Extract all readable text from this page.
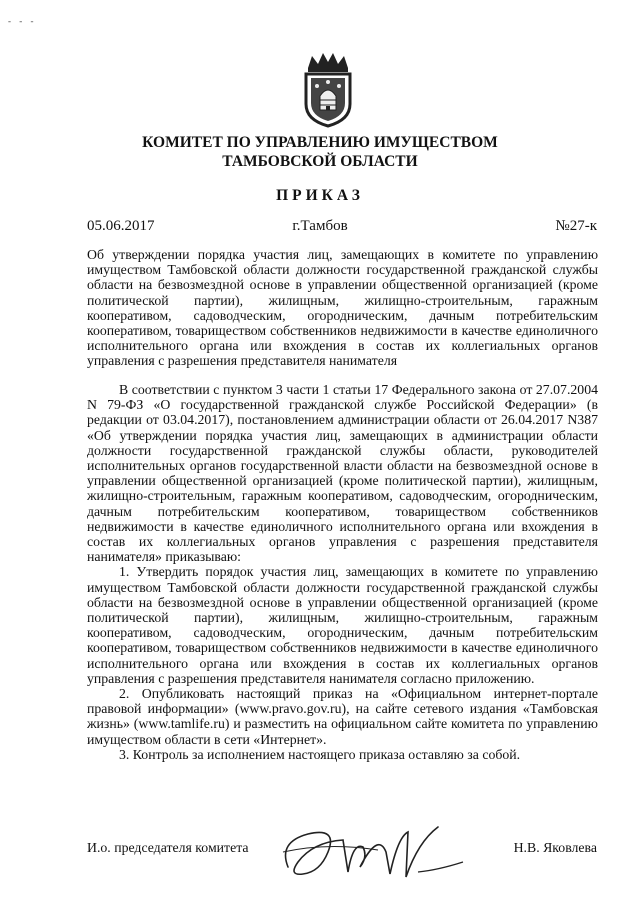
- - -
КОМИТЕТ ПО УПРАВЛЕНИЮ ИМУЩЕСТВОМ
ТАМБОВСКОЙ ОБЛАСТИ
ПРИКАЗ
05.06.2017	г.Тамбов	№27-к
Об утверждении порядка участия лиц, замещающих в комитете по управлению имуществом Тамбовской области должности государственной гражданской службы области на безвозмездной основе в управлении общественной организацией (кроме политической партии), жилищным, жилищно-строительным, гаражным кооперативом, садоводческим, огородническим, дачным потребительским кооперативом, товариществом собственников недвижимости в качестве единоличного исполнительного органа или вхождения в состав их коллегиальных органов управления с разрешения представителя нанимателя

В соответствии с пунктом 3 части 1 статьи 17 Федерального закона от 27.07.2004 N 79-ФЗ «О государственной гражданской службе Российской Федерации» (в редакции от 03.04.2017), постановлением администрации области от 26.04.2017 N387 «Об утверждении порядка участия лиц, замещающих в администрации области должности государственной гражданской службы области, руководителей исполнительных органов государственной власти области на безвозмездной основе в управлении общественной организацией (кроме политической партии), жилищным, жилищно-строительным, гаражным кооперативом, садоводческим, огородническим, дачным потребительским кооперативом, товариществом собственников недвижимости в качестве единоличного исполнительного органа или вхождения в состав их коллегиальных органов управления с разрешения представителя нанимателя» приказываю:

1. Утвердить порядок участия лиц, замещающих в комитете по управлению имуществом Тамбовской области должности государственной гражданской службы области на безвозмездной основе в управлении общественной организацией (кроме политической партии), жилищным, жилищно-строительным, гаражным кооперативом, садоводческим, огородническим, дачным потребительским кооперативом, товариществом собственников недвижимости в качестве единоличного исполнительного органа или вхождения в состав их коллегиальных органов управления с разрешения представителя нанимателя согласно приложению.

2. Опубликовать настоящий приказ на «Официальном интернет-портале правовой информации» (www.pravo.gov.ru), на сайте сетевого издания «Тамбовская жизнь» (www.tamlife.ru) и разместить на официальном сайте комитета по управлению имуществом области в сети «Интернет».

3. Контроль за исполнением настоящего приказа оставляю за собой.

И.о. председателя комитета	Н.В. Яковлева
